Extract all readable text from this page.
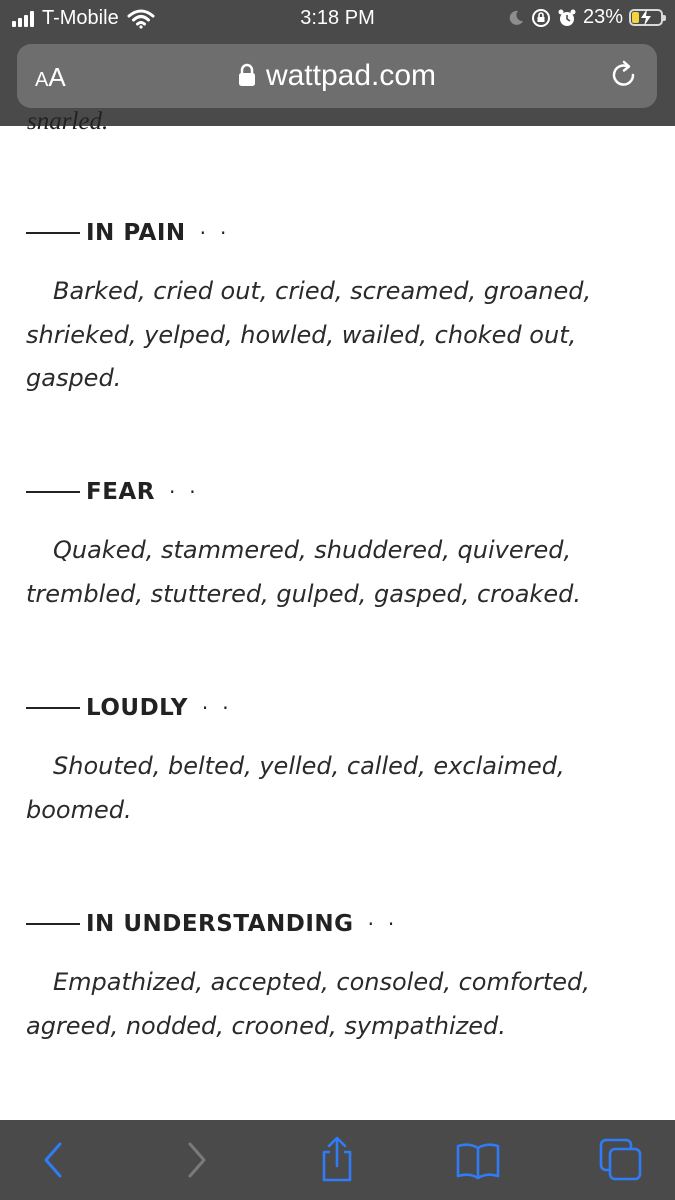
T-Mobile	3:18 PM	23%
AA	wattpad.com
snarled.
IN PAIN ··
Barked, cried out, cried, screamed, groaned, shrieked, yelped, howled, wailed, choked out, gasped.
FEAR ··
Quaked, stammered, shuddered, quivered, trembled, stuttered, gulped, gasped, croaked.
LOUDLY ··
Shouted, belted, yelled, called, exclaimed, boomed.
IN UNDERSTANDING ··
Empathized, accepted, consoled, comforted, agreed, nodded, crooned, sympathized.
